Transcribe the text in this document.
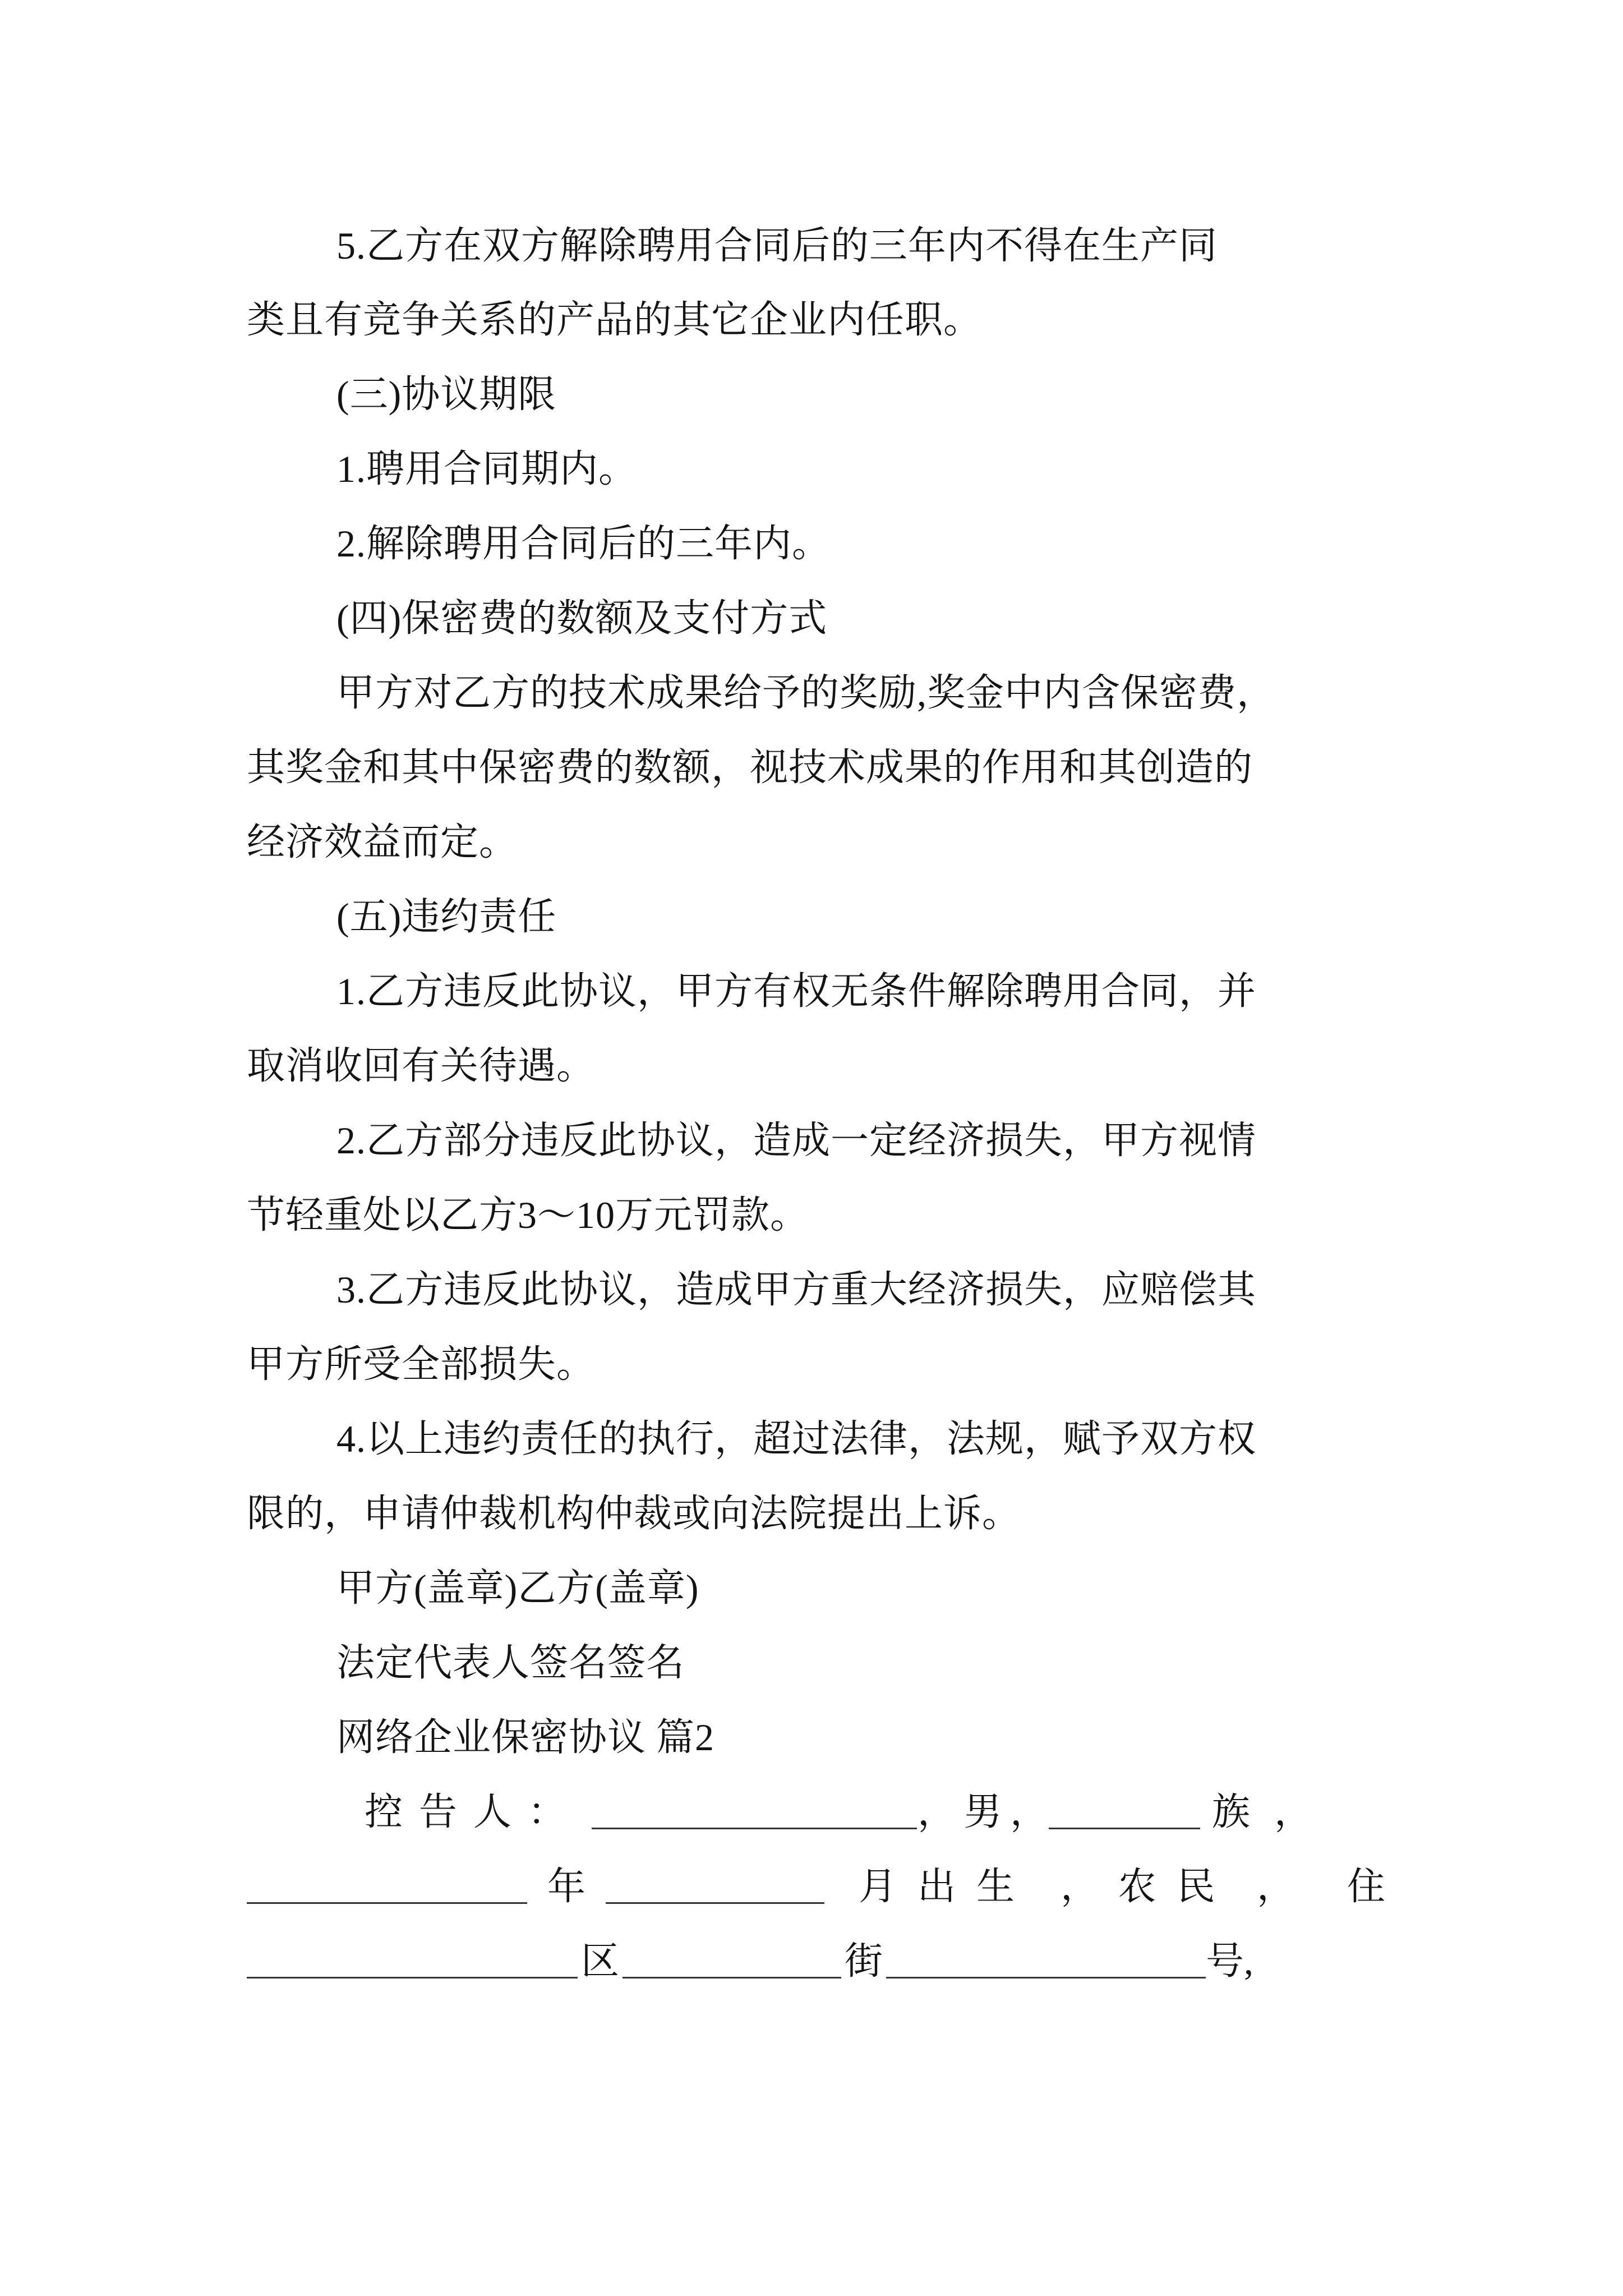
5.乙方在双方解除聘用合同后的三年内不得在生产同
类且有竞争关系的产品的其它企业内任职。
(三)协议期限
1.聘用合同期内。
2.解除聘用合同后的三年内。
(四)保密费的数额及支付方式
甲方对乙方的技术成果给予的奖励,奖金中内含保密费，
其奖金和其中保密费的数额，视技术成果的作用和其创造的
经济效益而定。
(五)违约责任
1.乙方违反此协议，甲方有权无条件解除聘用合同，并
取消收回有关待遇。
2.乙方部分违反此协议，造成一定经济损失，甲方视情
节轻重处以乙方3～10万元罚款。
3.乙方违反此协议，造成甲方重大经济损失，应赔偿其
甲方所受全部损失。
4.以上违约责任的执行，超过法律，法规，赋予双方权
限的，申请仲裁机构仲裁或向法院提出上诉。
甲方(盖章)乙方(盖章)
法定代表人签名签名
网络企业保密协议 篇2
控 告 人 ：	， 男 ，	族 ，
年	月 出 生	， 农 民 ，	住
区	街	号,
